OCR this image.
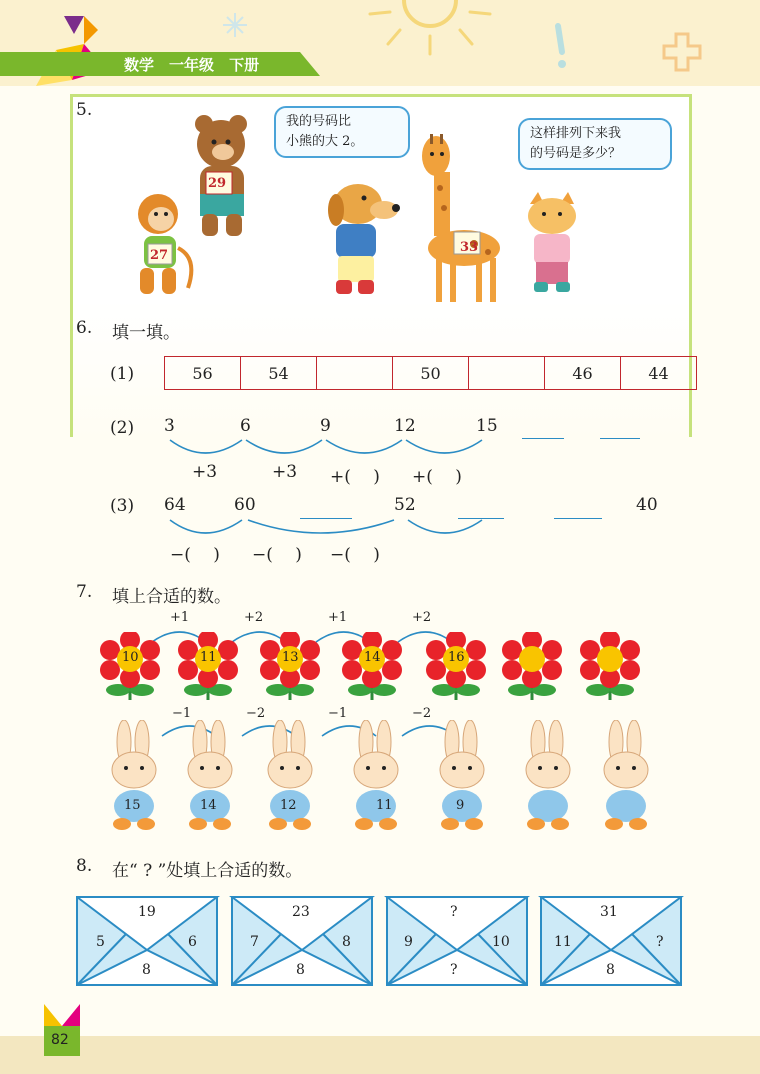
数学　 一年级　 下册
5.
27
29
我的号码比
小熊的大 2。
33
这样排列下来我
的号码是多少？
6. 填一填。
(1)	56	54		50		46	44
(2) 3	6	9	12	15
+3	+3 +(　 ) +(　 )
(3) 64	60	52	40
−(　 ) −(　 ) −(　 )
7. 填上合适的数。
+1	+2	+1	+2
10	11	13	14	16
−1	−2	−1	−2
15	14	12	11	9
8. 在“ ? ”处填上合适的数。
19
5	6
8
23
7	8
8
?
9	10
?
31
11	?
8
82
